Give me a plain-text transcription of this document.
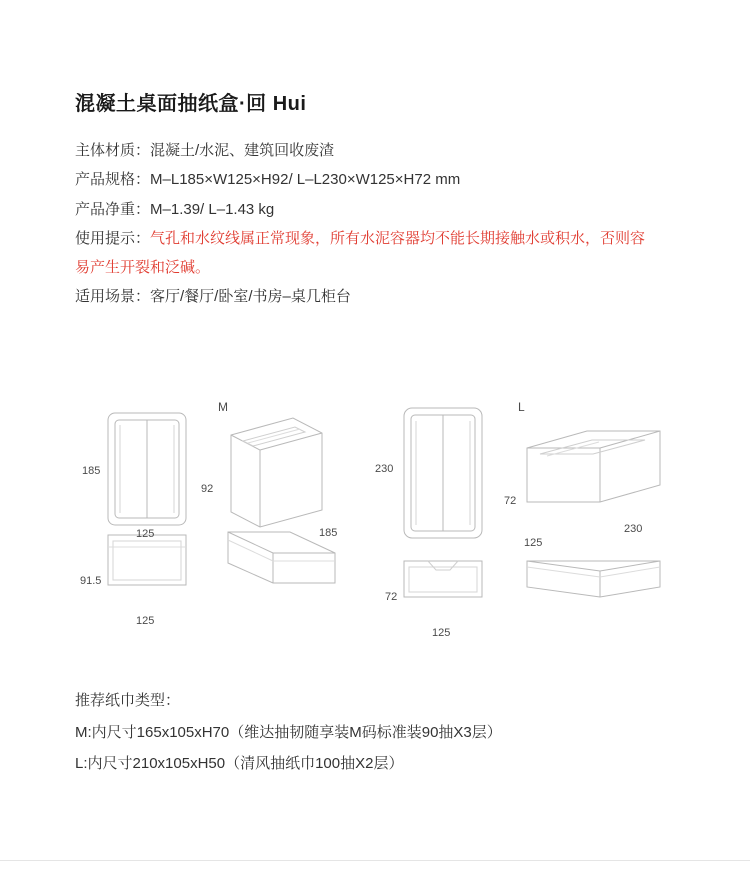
混凝土桌面抽纸盒·回 Hui
主体材质：混凝土/水泥、建筑回收废渣
产品规格：M–L185×W125×H92/ L–L230×W125×H72 mm
产品净重：M–1.39/ L–1.43 kg
使用提示：气孔和水纹线属正常现象，所有水泥容器均不能长期接触水或积水，否则容易产生开裂和泛碱。
适用场景：客厅/餐厅/卧室/书房–桌几柜台
M	L
185
125
92
185
91.5
125
230
125
72
230
72
125
推荐纸巾类型：
M:内尺寸165x105xH70（维达抽韧随享装M码标准装90抽X3层）
L:内尺寸210x105xH50（清风抽纸巾100抽X2层）
